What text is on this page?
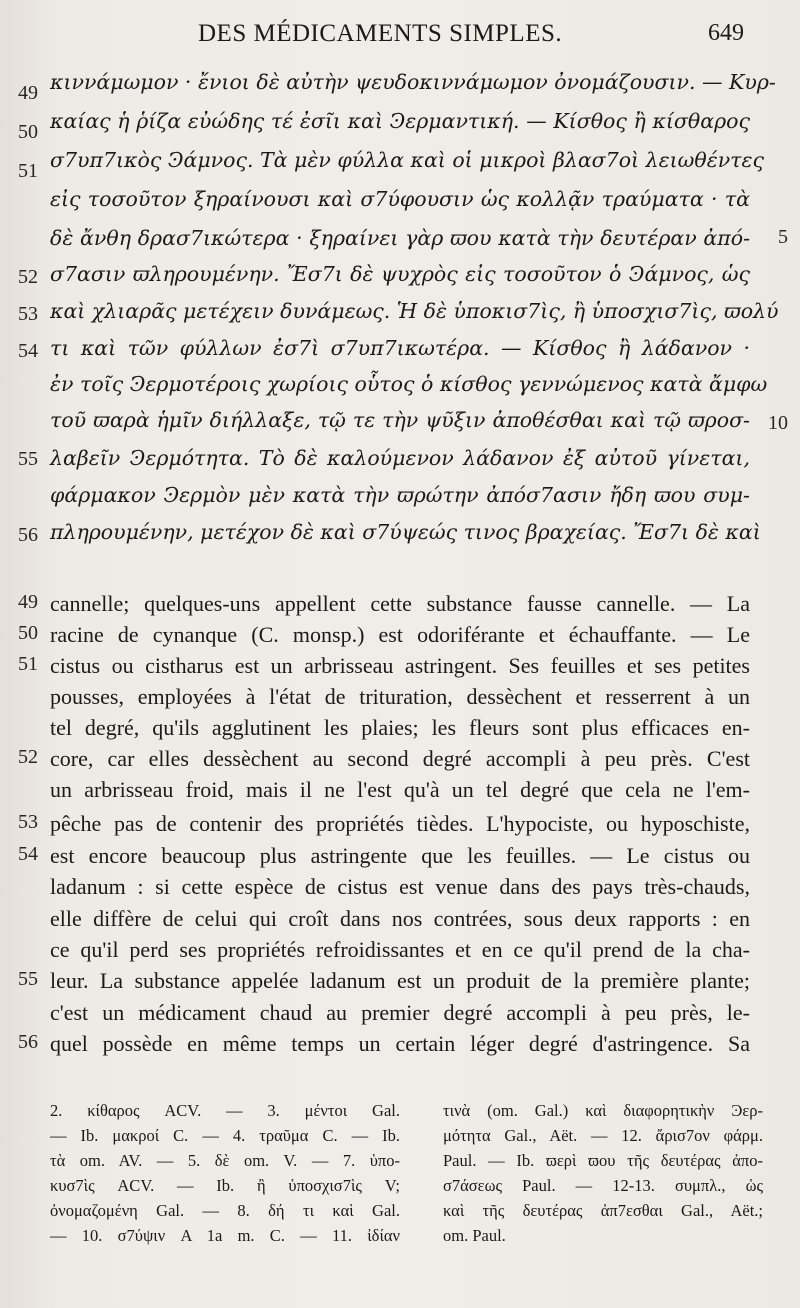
DES MÉDICAMENTS SIMPLES.	649
49 κιννάμωμον · ἔνιοι δὲ αὐτὴν ψευδοκιννάμωμον ὀνομάζουσιν. — Κυρ-
50 καίας ἡ ῥίζα εὐώδης τέ ἐσῖι καὶ Ͽερμαντική. — Κίσθος ἢ κίσθαρος
51 σ7υπ7ικὸς Ͽάμνος. Τὰ μὲν φύλλα καὶ οἱ μικροὶ βλασ7οὶ λειωθέντες
εἰς τοσοῦτον ξηραίνουσι καὶ σ7ύφουσιν ὡς κολλᾷν τραύματα · τὰ
δὲ ἄνθη δρασ7ικώτερα · ξηραίνει γὰρ ϖου κατὰ τὴν δευτέραν ἀπό- 5
52 σ7ασιν ϖληρουμένην. Ἔσ7ι δὲ ψυχρὸς εἰς τοσοῦτον ὁ Ͽάμνος, ὡς
53 καὶ χλιαρᾶς μετέχειν δυνάμεως. Ἡ δὲ ὑποκισ7ὶς, ἢ ὑποσχισ7ὶς, ϖολύ
54 τι καὶ τῶν φύλλων ἐσ7ὶ σ7υπ7ικωτέρα. — Κίσθος ἢ λάδανον ·
ἐν τοῖς Ͽερμοτέροις χωρίοις οὗτος ὁ κίσθος γεννώμενος κατὰ ἄμφω
τοῦ ϖαρὰ ἡμῖν διήλλαξε, τῷ τε τὴν ψῦξιν ἀποθέσθαι καὶ τῷ ϖροσ- 10
55 λαβεῖν Ͽερμότητα. Τὸ δὲ καλούμενον λάδανον ἐξ αὐτοῦ γίνεται,
φάρμακον Ͽερμὸν μὲν κατὰ τὴν ϖρώτην ἀπόσ7ασιν ἤδη ϖου συμ-
56 πληρουμένην, μετέχον δὲ καὶ σ7ύψεώς τινος βραχείας. Ἔσ7ι δὲ καὶ
49 cannelle; quelques-uns appellent cette substance fausse cannelle. — La
50 racine de cynanque (C. monsp.) est odoriférante et échauffante. — Le
51 cistus ou cistharus est un arbrisseau astringent. Ses feuilles et ses petites
pousses, employées à l'état de trituration, dessèchent et resserrent à un
tel degré, qu'ils agglutinent les plaies; les fleurs sont plus efficaces en-
52 core, car elles dessèchent au second degré accompli à peu près. C'est
un arbrisseau froid, mais il ne l'est qu'à un tel degré que cela ne l'em-
53 pêche pas de contenir des propriétés tièdes. L'hypociste, ou hyposchiste,
54 est encore beaucoup plus astringente que les feuilles. — Le cistus ou
ladanum : si cette espèce de cistus est venue dans des pays très-chauds,
elle diffère de celui qui croît dans nos contrées, sous deux rapports : en
ce qu'il perd ses propriétés refroidissantes et en ce qu'il prend de la cha-
55 leur. La substance appelée ladanum est un produit de la première plante;
c'est un médicament chaud au premier degré accompli à peu près, le-
56 quel possède en même temps un certain léger degré d'astringence. Sa
2. κίθαρος ACV. — 3. μέντοι Gal.
— Ib. μακροί C. — 4. τραῦμα C. — Ib.
τὰ om. AV. — 5. δὲ om. V. — 7. ὑπο-
κυσ7ὶς ACV. — Ib. ἢ ὑποσχισ7ὶς V;
ὀνομαζομένη Gal. — 8. δή τι καὶ Gal.
— 10. σ7ύψιν A 1a m. C. — 11. ἰδίαν
τινὰ (om. Gal.) καὶ διαφορητικὴν Ͽερ-
μότητα Gal., Aët. — 12. ἄρισ7ον φάρμ.
Paul. — Ib. ϖερὶ ϖου τῆς δευτέρας ἀπο-
σ7άσεως Paul. — 12-13. συμπλ., ὡς
καὶ τῆς δευτέρας ἀπ7εσθαι Gal., Aët.;
om. Paul.
